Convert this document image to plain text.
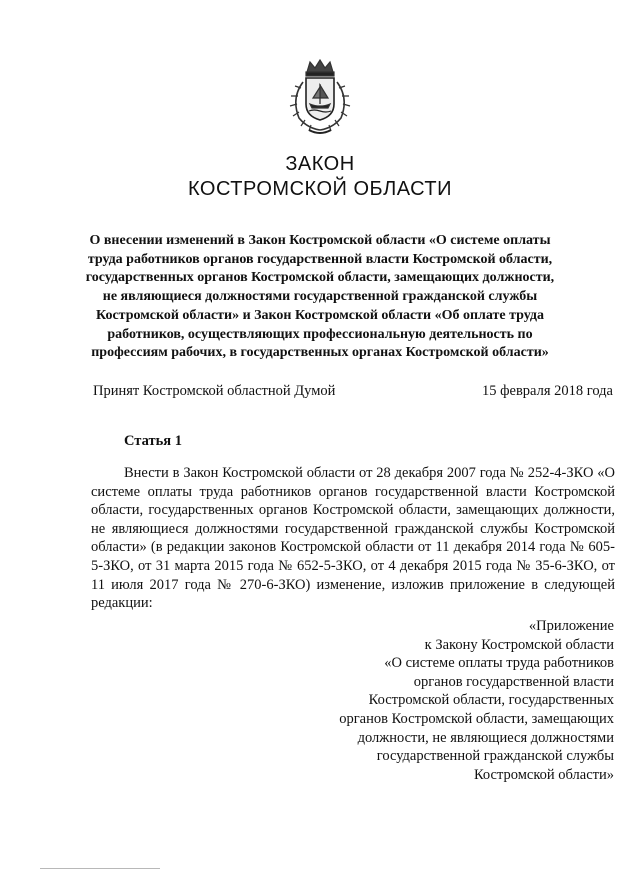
ЗАКОН
КОСТРОМСКОЙ ОБЛАСТИ
О внесении изменений в Закон Костромской области «О системе оплаты труда работников органов государственной власти Костромской области, государственных органов Костромской области, замещающих должности, не являющиеся должностями государственной гражданской службы Костромской области» и Закон Костромской области «Об оплате труда работников, осуществляющих профессиональную деятельность по профессиям рабочих, в государственных органах Костромской области»
Принят Костромской областной Думой	15 февраля 2018 года
Статья 1
Внести в Закон Костромской области от 28 декабря 2007 года № 252-4-ЗКО «О системе оплаты труда работников органов государственной власти Костромской области, государственных органов Костромской области, замещающих должности, не являющиеся должностями государственной гражданской службы Костромской области» (в редакции законов Костромской области от 11 декабря 2014 года № 605-5-ЗКО, от 31 марта 2015 года № 652-5-ЗКО, от 4 декабря 2015 года № 35-6-ЗКО, от 11 июля 2017 года № 270-6-ЗКО) изменение, изложив приложение в следующей редакции:
«Приложение
к Закону Костромской области
«О системе оплаты труда работников
органов государственной власти
Костромской области, государственных
органов Костромской области, замещающих
должности, не являющиеся должностями
государственной гражданской службы
Костромской области»
